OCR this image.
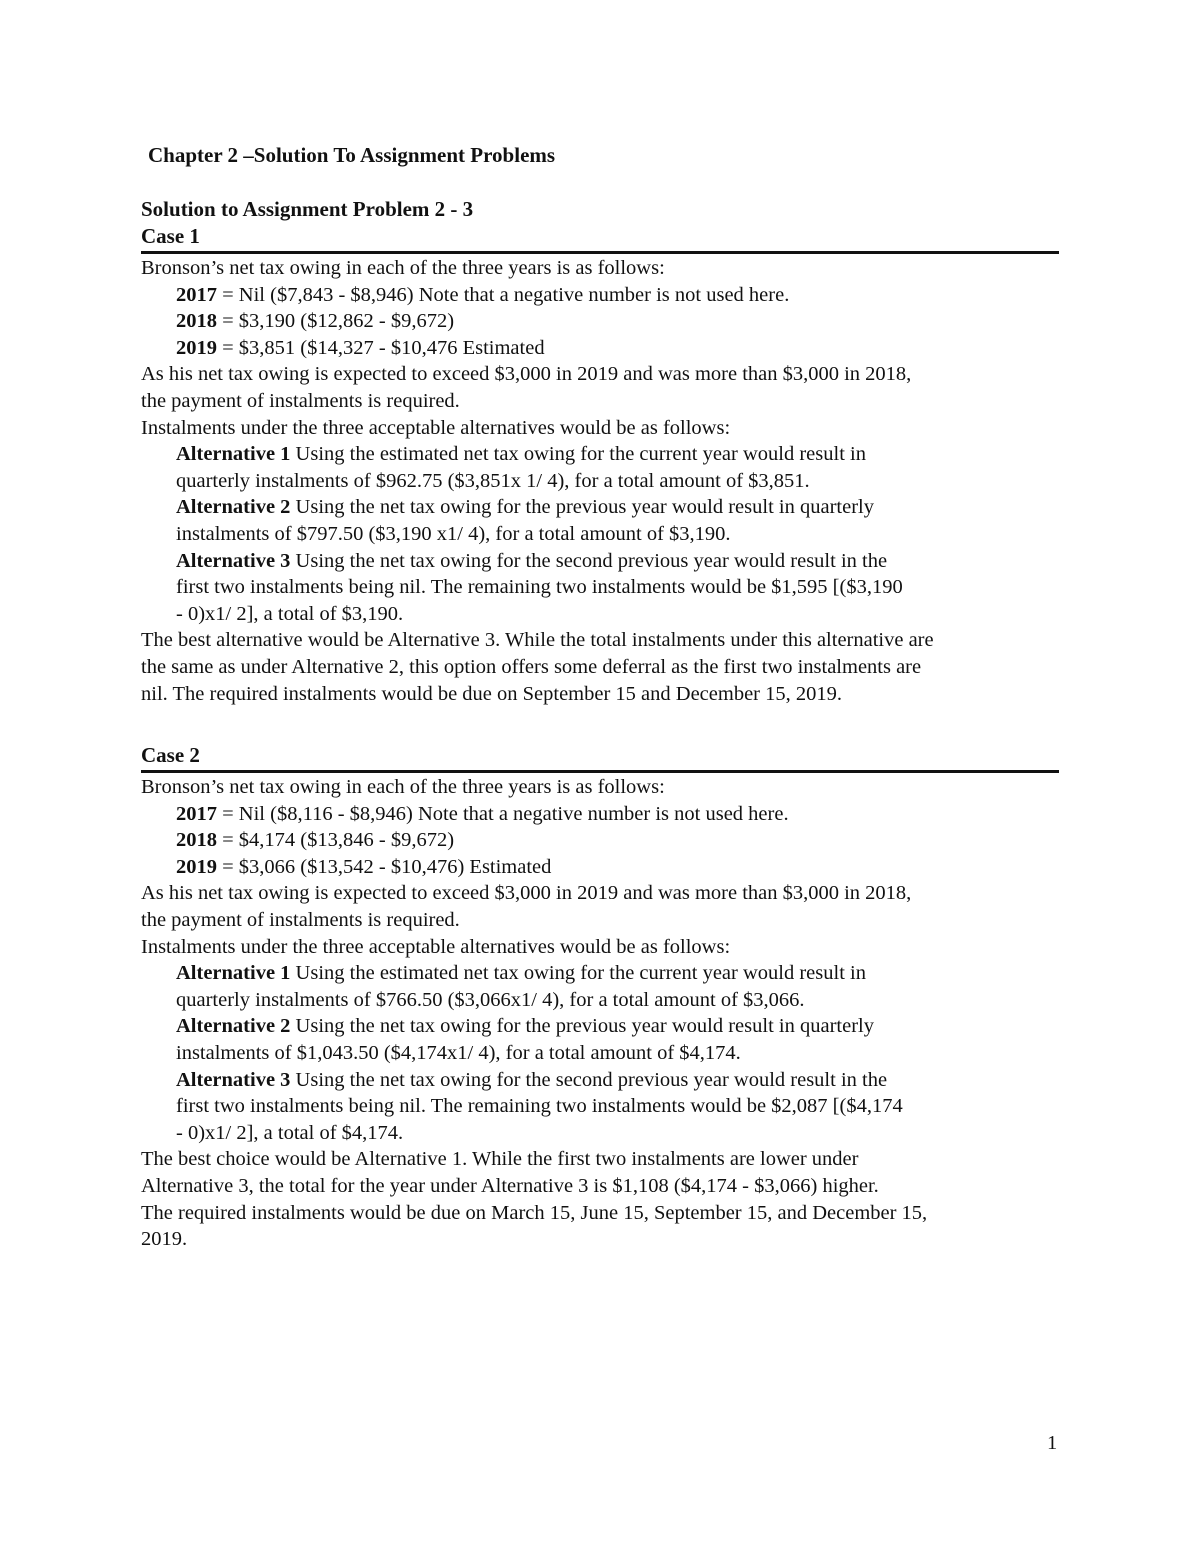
Chapter 2 –Solution To Assignment Problems
Solution to Assignment Problem 2 - 3
Case 1
Bronson’s net tax owing in each of the three years is as follows:
2017 = Nil ($7,843 - $8,946) Note that a negative number is not used here.
2018 = $3,190 ($12,862 - $9,672)
2019 = $3,851 ($14,327 - $10,476 Estimated
As his net tax owing is expected to exceed $3,000 in 2019 and was more than $3,000 in 2018,
the payment of instalments is required.
Instalments under the three acceptable alternatives would be as follows:
Alternative 1 Using the estimated net tax owing for the current year would result in
quarterly instalments of $962.75 ($3,851x 1/ 4), for a total amount of $3,851.
Alternative 2 Using the net tax owing for the previous year would result in quarterly
instalments of $797.50 ($3,190 x1/ 4), for a total amount of $3,190.
Alternative 3 Using the net tax owing for the second previous year would result in the
first two instalments being nil. The remaining two instalments would be $1,595 [($3,190
- 0)x1/ 2], a total of $3,190.
The best alternative would be Alternative 3. While the total instalments under this alternative are
the same as under Alternative 2, this option offers some deferral as the first two instalments are
nil. The required instalments would be due on September 15 and December 15, 2019.
Case 2
Bronson’s net tax owing in each of the three years is as follows:
2017 = Nil ($8,116 - $8,946) Note that a negative number is not used here.
2018 = $4,174 ($13,846 - $9,672)
2019 = $3,066 ($13,542 - $10,476) Estimated
As his net tax owing is expected to exceed $3,000 in 2019 and was more than $3,000 in 2018,
the payment of instalments is required.
Instalments under the three acceptable alternatives would be as follows:
Alternative 1 Using the estimated net tax owing for the current year would result in
quarterly instalments of $766.50 ($3,066x1/ 4), for a total amount of $3,066.
Alternative 2 Using the net tax owing for the previous year would result in quarterly
instalments of $1,043.50 ($4,174x1/ 4), for a total amount of $4,174.
Alternative 3 Using the net tax owing for the second previous year would result in the
first two instalments being nil. The remaining two instalments would be $2,087 [($4,174
- 0)x1/ 2], a total of $4,174.
The best choice would be Alternative 1. While the first two instalments are lower under
Alternative 3, the total for the year under Alternative 3 is $1,108 ($4,174 - $3,066) higher.
The required instalments would be due on March 15, June 15, September 15, and December 15,
2019.
1
